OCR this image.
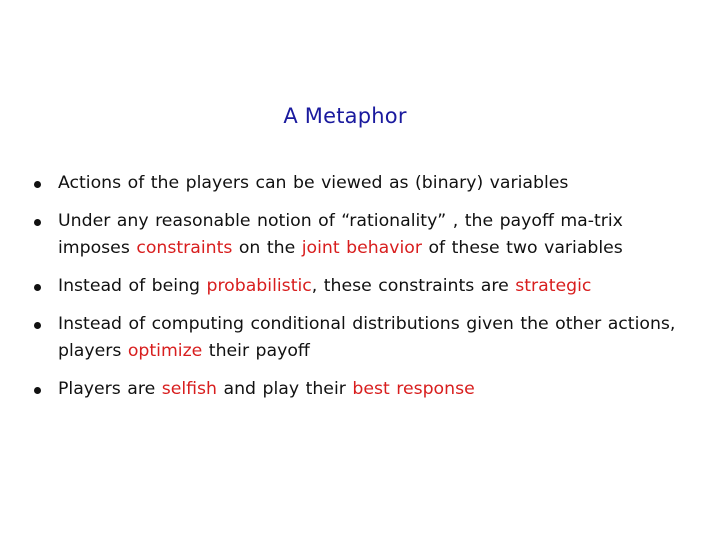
A Metaphor
Actions of the players can be viewed as (binary) variables
Under any reasonable notion of “rationality” , the payoff ma-trix imposes constraints on the joint behavior of these two variables
Instead of being probabilistic, these constraints are strategic
Instead of computing conditional distributions given the other actions, players optimize their payoff
Players are selfish and play their best response
